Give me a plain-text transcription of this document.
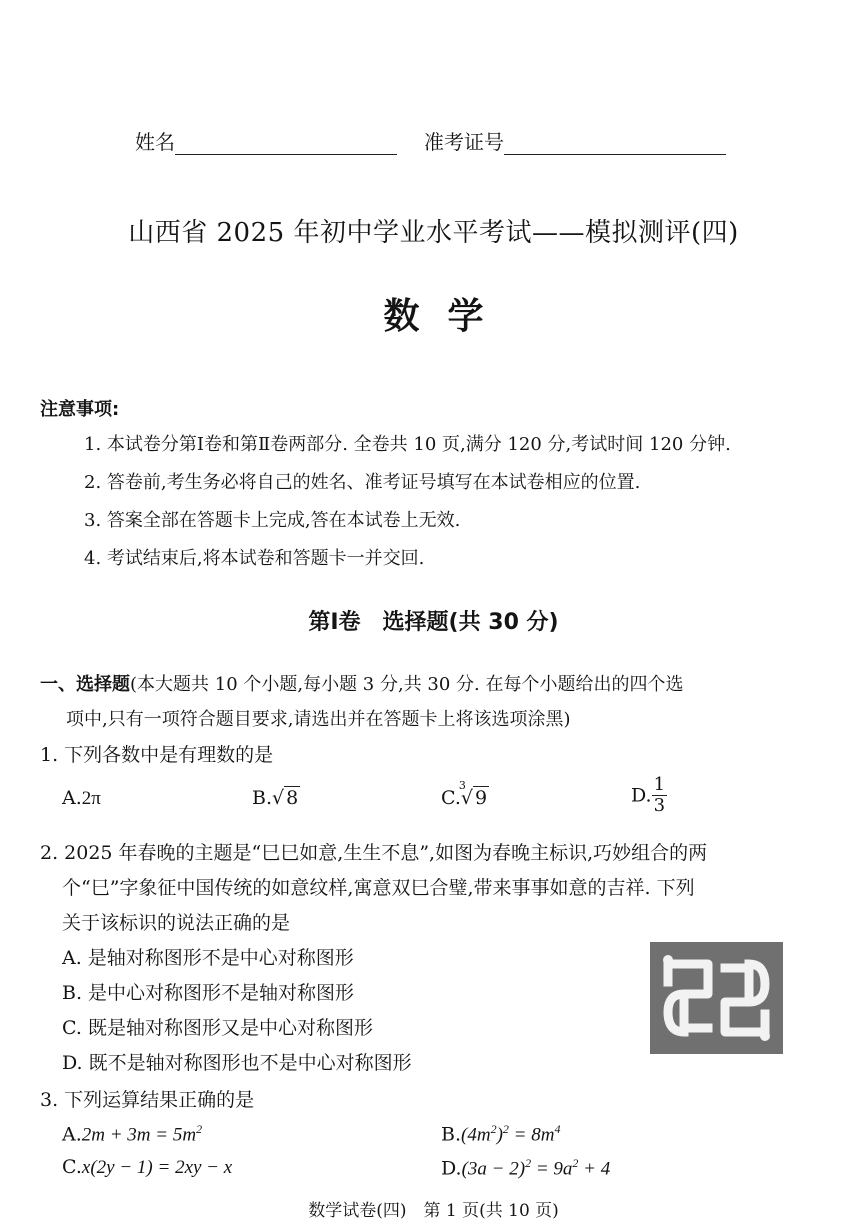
姓名	准考证号
山西省 2025 年初中学业水平考试——模拟测评(四)
数学
注意事项:
1. 本试卷分第Ⅰ卷和第Ⅱ卷两部分. 全卷共 10 页,满分 120 分,考试时间 120 分钟.
2. 答卷前,考生务必将自己的姓名、准考证号填写在本试卷相应的位置.
3. 答案全部在答题卡上完成,答在本试卷上无效.
4. 考试结束后,将本试卷和答题卡一并交回.
第Ⅰ卷　选择题(共 30 分)
一、选择题(本大题共 10 个小题,每小题 3 分,共 30 分. 在每个小题给出的四个选
项中,只有一项符合题目要求,请选出并在答题卡上将该选项涂黑)
1. 下列各数中是有理数的是
A.2π	B.√ 8	C.
3
√ 9	D. $\frac{1}{3}$
2. 2025 年春晚的主题是“巳巳如意,生生不息”,如图为春晚主标识,巧妙组合的两
个“巳”字象征中国传统的如意纹样,寓意双巳合璧,带来事事如意的吉祥. 下列
关于该标识的说法正确的是
A. 是轴对称图形不是中心对称图形
B. 是中心对称图形不是轴对称图形
C. 既是轴对称图形又是中心对称图形
D. 既不是轴对称图形也不是中心对称图形
3. 下列运算结果正确的是
$A.2m + 3m = 5m^2$	$B.(4m^2)^2 = 8m^4$
C.x(2y − 1) = 2xy − x	$D.(3a - 2)^2 = 9a^2 + 4$
数学试卷(四)　第 1 页(共 10 页)
